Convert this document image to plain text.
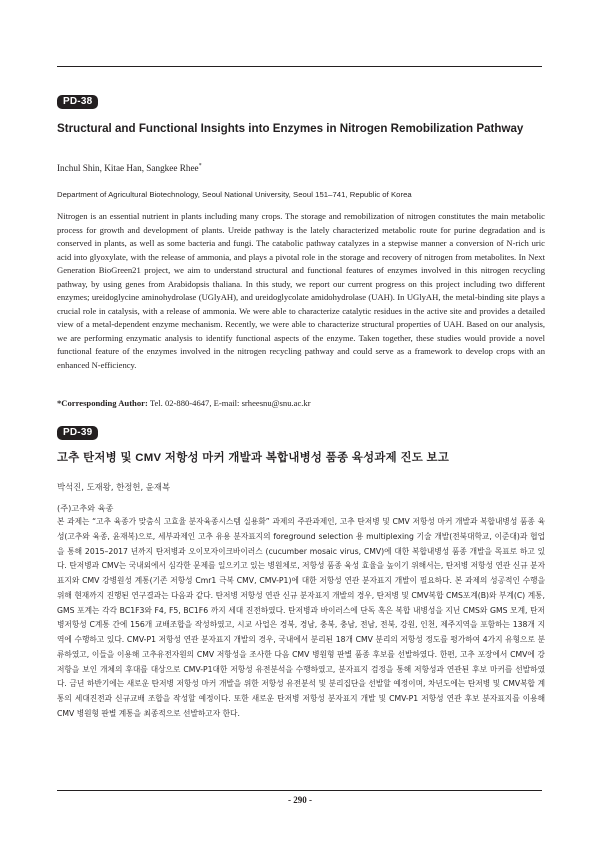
PD-38
Structural and Functional Insights into Enzymes in Nitrogen Remobilization Pathway
Inchul Shin, Kitae Han, Sangkee Rhee*
Department of Agricultural Biotechnology, Seoul National University, Seoul 151–741, Republic of Korea
Nitrogen is an essential nutrient in plants including many crops. The storage and remobilization of nitrogen constitutes the main metabolic process for growth and development of plants. Ureide pathway is the lately characterized metabolic route for purine degradation and is conserved in plants, as well as some bacteria and fungi. The catabolic pathway catalyzes in a stepwise manner a conversion of N-rich uric acid into glyoxylate, with the release of ammonia, and plays a pivotal role in the storage and recovery of nitrogen from metabolites. In Next Generation BioGreen21 project, we aim to understand structural and functional features of enzymes involved in this nitrogen recycling pathway, by using genes from Arabidopsis thaliana. In this study, we report our current progress on this project including two different enzymes; ureidoglycine aminohydrolase (UGlyAH), and ureidoglycolate amidohydrolase (UAH). In UGlyAH, the metal-binding site plays a crucial role in catalysis, with a release of ammonia. We were able to characterize catalytic residues in the active site and provides a detailed view of a metal-dependent enzyme mechanism. Recently, we were able to characterize structural properties of UAH. Based on our analysis, we are performing enzymatic analysis to identify functional aspects of the enzyme. Taken together, these studies would provide a novel functional feature of the enzymes involved in the nitrogen recycling pathway and could serve as a framework to develop crops with an enhanced N-efficiency.
*Corresponding Author: Tel. 02-880-4647, E-mail: srheesnu@snu.ac.kr
PD-39
고추 탄저병 및 CMV 저항성 마커 개발과 복합내병성 품종 육성과제 진도 보고
박석진, 도재왕, 한정헌, 윤재복
(주)고추와 육종
본 과제는 “고추 육종가 맞춤식 고효율 분자육종시스템 실용화” 과제의 주관과제인, 고추 탄저병 및 CMV 저항성 마커 개발과 복합내병성 품종 육성(고추와 육종, 윤재복)으로, 세부과제인 고추 유용 분자표지의 foreground selection 용 multiplexing 기술 개발(전북대학교, 이준대)과 협업을 통해 2015–2017 년까지 탄저병과 오이모자이크바이러스 (cucumber mosaic virus, CMV)에 대한 복합내병성 품종 개발을 목표로 하고 있다. 탄저병과 CMV는 국내외에서 심각한 문제를 일으키고 있는 병원체로, 저항성 품종 육성 효율을 높이기 위해서는, 탄저병 저항성 연관 신규 분자표지와 CMV 강병원성 계통(기존 저항성 Cmr1 극복 CMV, CMV-P1)에 대한 저항성 연관 분자표지 개발이 필요하다. 본 과제의 성공적인 수행을 위해 현재까지 진행된 연구결과는 다음과 같다. 탄저병 저항성 연관 신규 분자표지 개발의 경우, 탄저병 및 CMV복합 CMS포계(B)와 부계(C) 계통, GMS 포계는 각각 BC1F3와 F4, F5, BC1F6 까지 세대 진전하였다. 탄저병과 바이러스에 단독 혹은 복합 내병성을 지닌 CMS와 GMS 모계, 탄저병저항성 C계통 간에 156개 교배조합을 작성하였고, 시교 사업은 경북, 경남, 충북, 충남, 전남, 전북, 강원, 인천, 제주지역을 포함하는 138개 지역에 수행하고 있다. CMV-P1 저항성 연관 분자표지 개발의 경우, 국내에서 분리된 18개 CMV 분리의 저항성 정도를 평가하여 4가지 유형으로 분류하였고, 이들을 이용해 고추유전자원의 CMV 저항성을 조사한 다음 CMV 병원형 판별 품종 후보를 선발하였다. 한편, 고추 포장에서 CMV에 강 저항을 보인 개체의 후대를 대상으로 CMV-P1대한 저항성 유전분석을 수행하였고, 분자표지 검정을 통해 저항성과 연관된 후보 마커를 선발하였다. 금년 하반기에는 새로운 탄저병 저항성 마커 개발을 위한 저항성 유전분석 및 분리집단을 선발할 예정이며, 차년도에는 탄저병 및 CMV복합 계통의 세대진전과 신규교배 조합을 작성할 예정이다. 또한 새로운 탄저병 저항성 분자표지 개발 및 CMV-P1 저항성 연관 후보 분자표지를 이용해 CMV 병원형 판별 계통을 최종적으로 선발하고자 한다.
- 290 -
